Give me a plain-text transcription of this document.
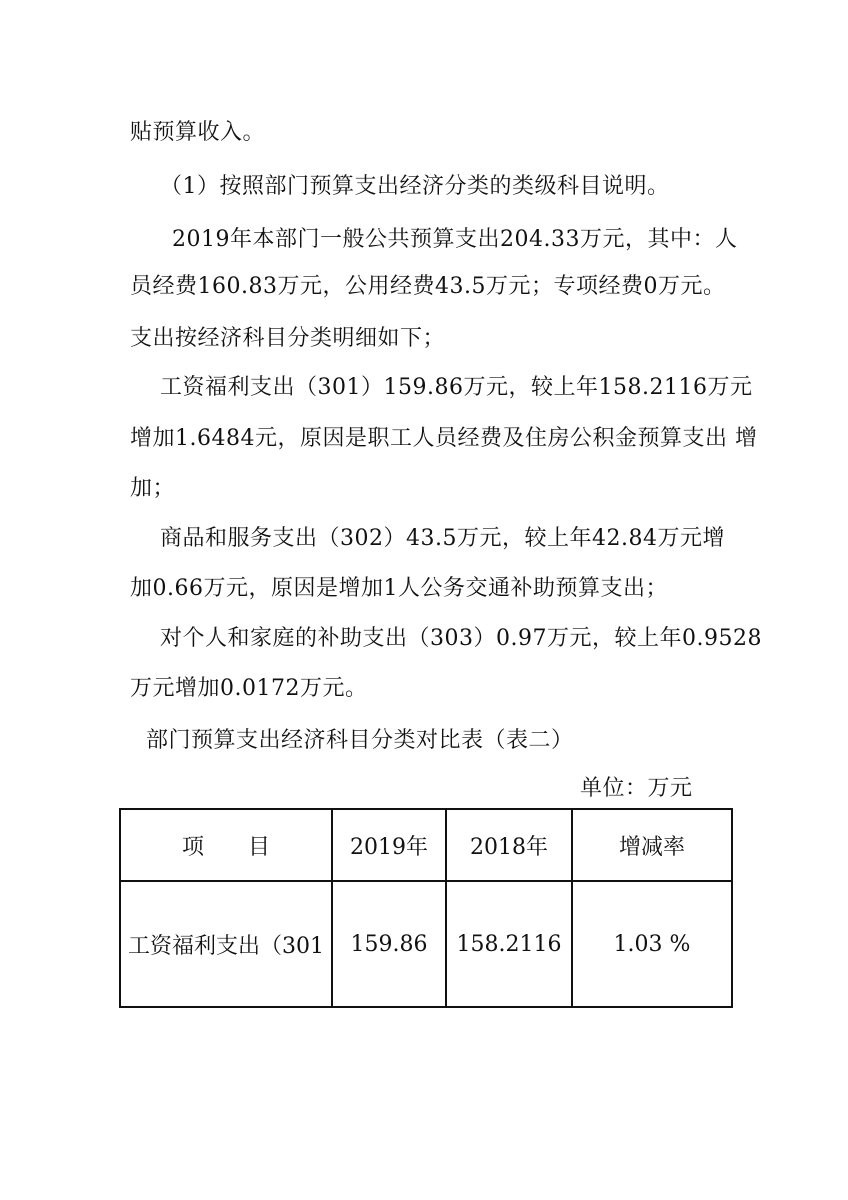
贴预算收入。
（1）按照部门预算支出经济分类的类级科目说明。
2019年本部门一般公共预算支出204.33万元，其中：人
员经费160.83万元，公用经费43.5万元；专项经费0万元。
支出按经济科目分类明细如下；
工资福利支出（301）159.86万元，较上年158.2116万元
增加1.6484元，原因是职工人员经费及住房公积金预算支出 增
加；
商品和服务支出（302）43.5万元，较上年42.84万元增
加0.66万元，原因是增加1人公务交通补助预算支出；
对个人和家庭的补助支出（303）0.97万元，较上年0.9528
万元增加0.0172万元。
部门预算支出经济科目分类对比表（表二）
单位：万元
项　　目	2019年	2018年	增减率
工资福利支出（301	159.86	158.2116	1.03 %
